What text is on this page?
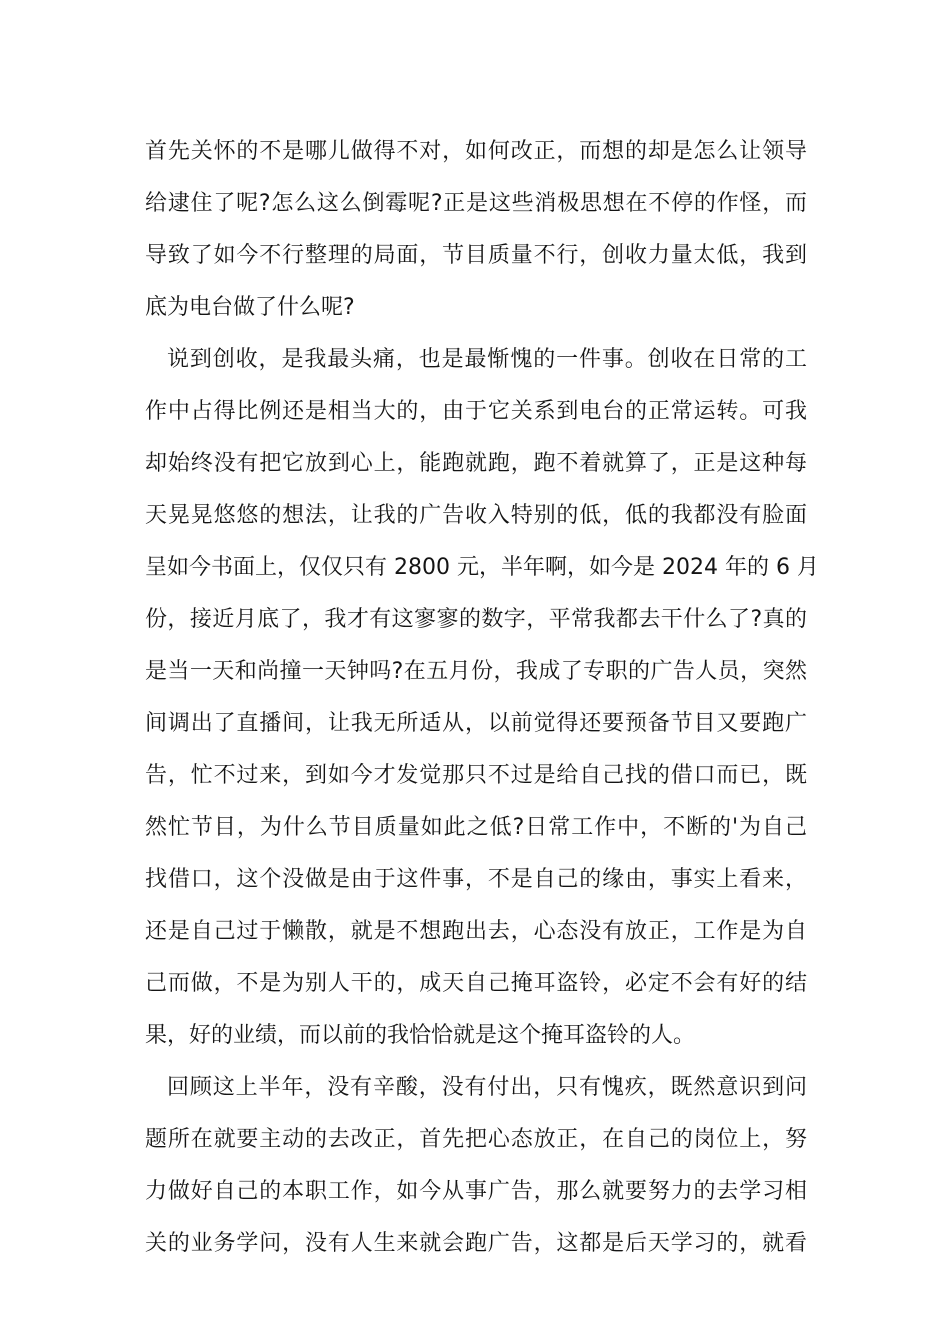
首先关怀的不是哪儿做得不对，如何改正，而想的却是怎么让领导
给逮住了呢?怎么这么倒霉呢?正是这些消极思想在不停的作怪，而
导致了如今不行整理的局面，节目质量不行，创收力量太低，我到
底为电台做了什么呢?
说到创收，是我最头痛，也是最惭愧的一件事。创收在日常的工
作中占得比例还是相当大的，由于它关系到电台的正常运转。可我
却始终没有把它放到心上，能跑就跑，跑不着就算了，正是这种每
天晃晃悠悠的想法，让我的广告收入特别的低，低的我都没有脸面
呈如今书面上，仅仅只有 2800 元，半年啊，如今是 2024 年的 6 月
份，接近月底了，我才有这寥寥的数字，平常我都去干什么了?真的
是当一天和尚撞一天钟吗?在五月份，我成了专职的广告人员，突然
间调出了直播间，让我无所适从，以前觉得还要预备节目又要跑广
告，忙不过来，到如今才发觉那只不过是给自己找的借口而已，既
然忙节目，为什么节目质量如此之低?日常工作中，不断的'为自己
找借口，这个没做是由于这件事，不是自己的缘由，事实上看来，
还是自己过于懒散，就是不想跑出去，心态没有放正，工作是为自
己而做，不是为别人干的，成天自己掩耳盗铃，必定不会有好的结
果，好的业绩，而以前的我恰恰就是这个掩耳盗铃的人。
回顾这上半年，没有辛酸，没有付出，只有愧疚，既然意识到问
题所在就要主动的去改正，首先把心态放正，在自己的岗位上，努
力做好自己的本职工作，如今从事广告，那么就要努力的去学习相
关的业务学问，没有人生来就会跑广告，这都是后天学习的，就看
